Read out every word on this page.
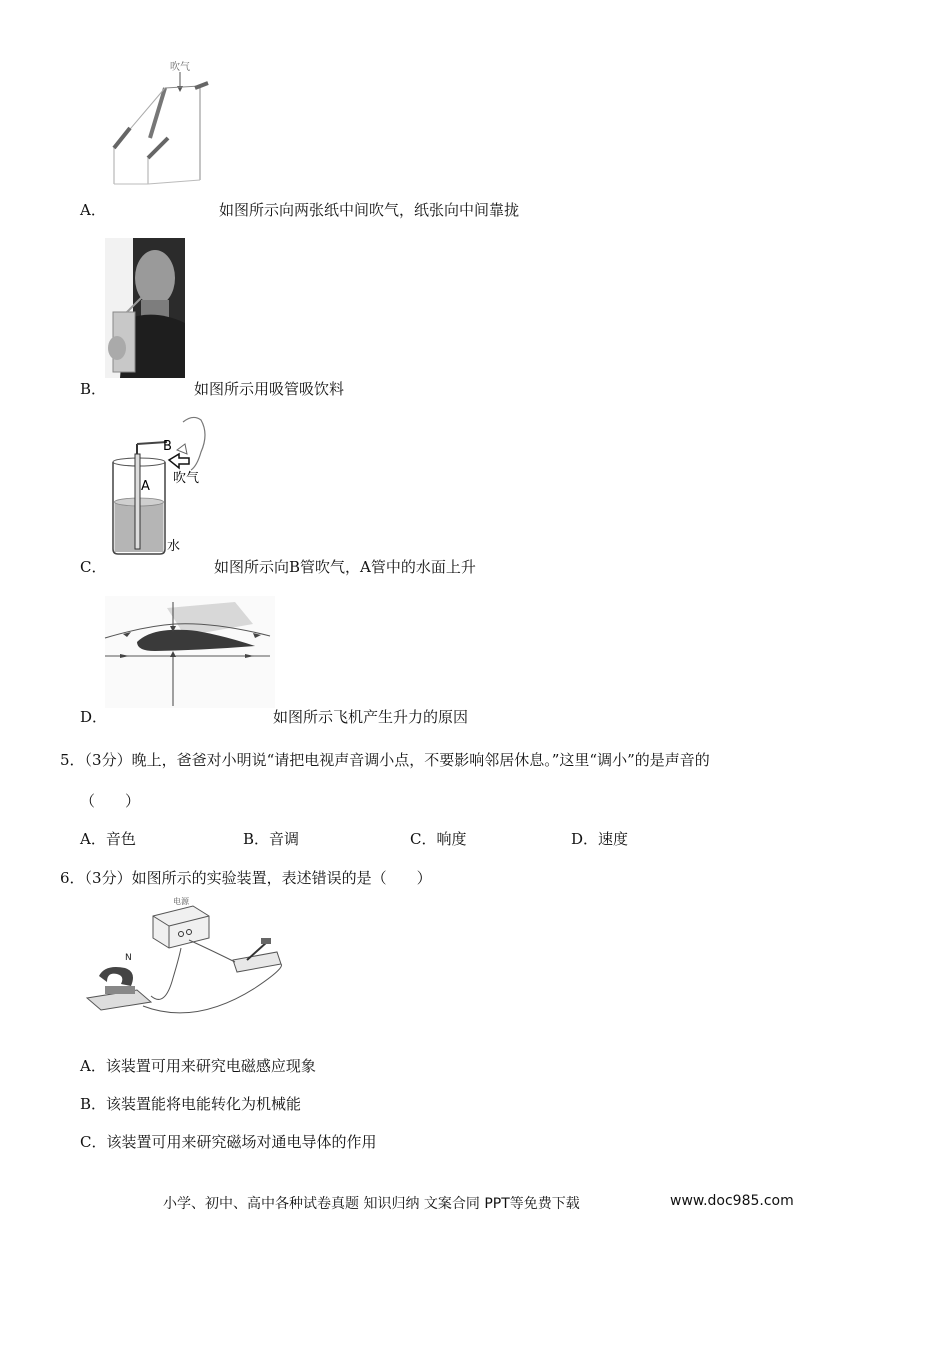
吹气
A．	如图所示向两张纸中间吹气，纸张向中间靠拢
B．	如图所示用吸管吸饮料
B
A
吹气
水
C．	如图所示向B管吹气，A管中的水面上升
D．	如图所示飞机产生升力的原因
5．（3分）晚上，爸爸对小明说“请把电视声音调小点，不要影响邻居休息。”这里“调小”的是声音的
（　　）
A．音色	B．音调	C．响度	D．速度
6．（3分）如图所示的实验装置，表述错误的是（　　）
电源
N
A．该装置可用来研究电磁感应现象
B．该装置能将电能转化为机械能
C．该装置可用来研究磁场对通电导体的作用
小学、初中、高中各种试卷真题 知识归纳 文案合同 PPT等免费下载	www.doc985.com
